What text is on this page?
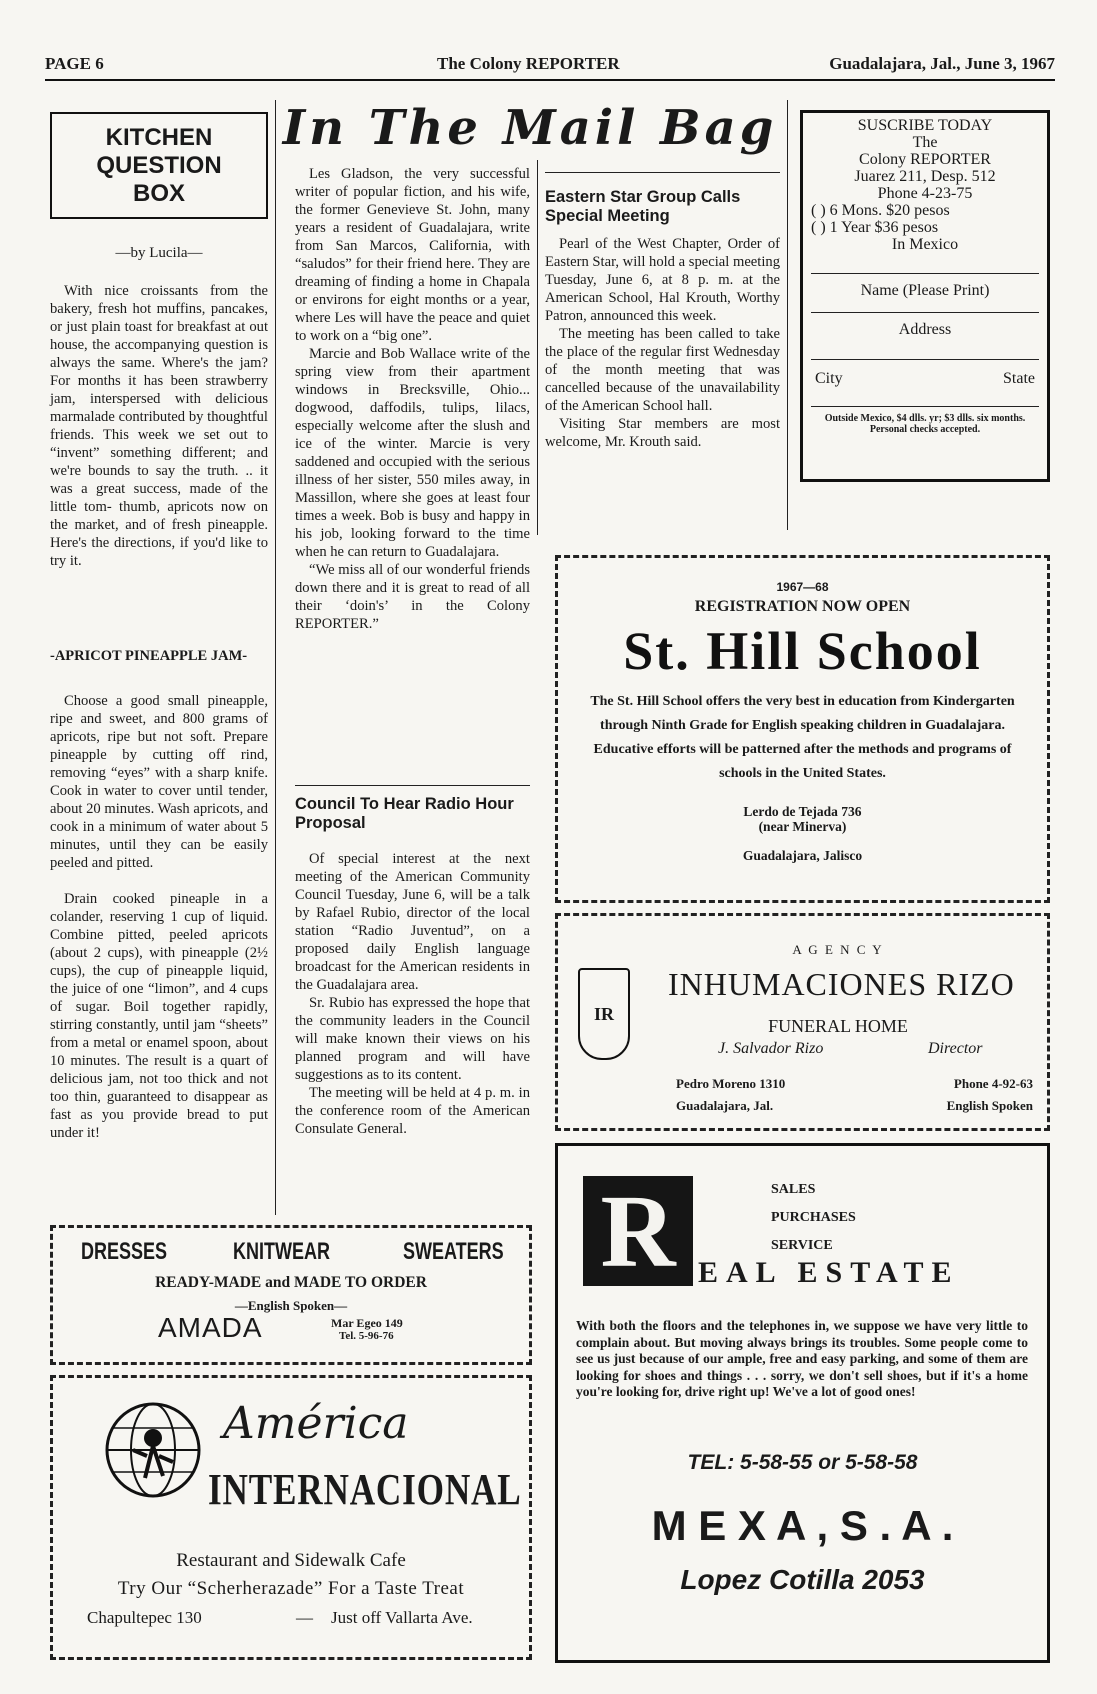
PAGE 6	The Colony REPORTER	Guadalajara, Jal., June 3, 1967
KITCHEN QUESTION BOX
—by Lucila—

With nice croissants from the bakery, fresh hot muffins, pancakes, or just plain toast for breakfast at out house, the accompanying question is always the same. Where's the jam? For months it has been strawberry jam, interspersed with delicious marmalade contributed by thoughtful friends. This week we set out to “invent” something different; and we're bounds to say the truth. .. it was a great success, made of the little tom- thumb, apricots now on the market, and of fresh pineapple. Here's the directions, if you'd like to try it.

-APRICOT PINEAPPLE JAM-

Choose a good small pineapple, ripe and sweet, and 800 grams of apricots, ripe but not soft. Prepare pineapple by cutting off rind, removing “eyes” with a sharp knife. Cook in water to cover until tender, about 20 minutes. Wash apricots, and cook in a minimum of water about 5 minutes, until they can be easily peeled and pitted.

Drain cooked pineaple in a colander, reserving 1 cup of liquid. Combine pitted, peeled apricots (about 2 cups), with pineapple (2½ cups), the cup of pineapple liquid, the juice of one “limon”, and 4 cups of sugar. Boil together rapidly, stirring constantly, until jam “sheets” from a metal or enamel spoon, about 10 minutes. The result is a quart of delicious jam, not too thick and not too thin, guaranteed to disappear as fast as you provide bread to put under it!

In The Mail Bag

Les Gladson, the very successful writer of popular fiction, and his wife, the former Genevieve St. John, many years a resident of Guadalajara, write from San Marcos, California, with “saludos” for their friend here. They are dreaming of finding a home in Chapala or environs for eight months or a year, where Les will have the peace and quiet to work on a “big one”.

Marcie and Bob Wallace write of the spring view from their apartment windows in Brecksville, Ohio... dogwood, daffodils, tulips, lilacs, especially welcome after the slush and ice of the winter. Marcie is very saddened and occupied with the serious illness of her sister, 550 miles away, in Massillon, where she goes at least four times a week. Bob is busy and happy in his job, looking forward to the time when he can return to Guadalajara.

“We miss all of our wonderful friends down there and it is great to read of all their ‘doin's’ in the Colony REPORTER.”

Council To Hear Radio Hour Proposal

Of special interest at the next meeting of the American Community Council Tuesday, June 6, will be a talk by Rafael Rubio, director of the local station “Radio Juventud”, on a proposed daily English language broadcast for the American residents in the Guadalajara area.

Sr. Rubio has expressed the hope that the community leaders in the Council will make known their views on his planned program and will have suggestions as to its content.

The meeting will be held at 4 p. m. in the conference room of the American Consulate General.

Eastern Star Group Calls Special Meeting

Pearl of the West Chapter, Order of Eastern Star, will hold a special meeting Tuesday, June 6, at 8 p. m. at the American School, Hal Krouth, Worthy Patron, announced this week.

The meeting has been called to take the place of the regular first Wednesday of the month meeting that was cancelled because of the unavailability of the American School hall.

Visiting Star members are most welcome, Mr. Krouth said.

SUSCRIBE TODAY
The
Colony REPORTER
Juarez 211, Desp. 512
Phone 4-23-75
( ) 6 Mons. $20 pesos
( ) 1 Year $36 pesos
In Mexico
Name (Please Print)
Address
City	State
Outside Mexico, $4 dlls. yr; $3 dlls. six months. Personal checks accepted.
1967—68
REGISTRATION NOW OPEN
St. Hill School
The St. Hill School offers the very best in education from Kindergarten through Ninth Grade for English speaking children in Guadalajara. Educative efforts will be patterned after the methods and programs of schools in the United States.
Lerdo de Tejada 736
(near Minerva)
Guadalajara, Jalisco
IR
A G E N C Y
INHUMACIONES RIZO
FUNERAL HOME
J. Salvador Rizo	Director
Pedro Moreno 1310	Phone 4-92-63
Guadalajara, Jal.	English Spoken
DRESSES	KNITWEAR	SWEATERS
READY-MADE and MADE TO ORDER
—English Spoken—
AMADA	Mar Egeo 149
Tel. 5-96-76
América
INTERNACIONAL
Restaurant and Sidewalk Cafe
Try Our “Scherherazade” For a Taste Treat
Chapultepec 130	— Just off Vallarta Ave.
R	SALES
PURCHASES
SERVICE
EAL ESTATE
With both the floors and the telephones in, we suppose we have very little to complain about. But moving always brings its troubles. Some people come to see us just because of our ample, free and easy parking, and some of them are looking for shoes and things . . . sorry, we don't sell shoes, but if it's a home you're looking for, drive right up! We've a lot of good ones!
TEL: 5-58-55 or 5-58-58
M E X A , S . A .
Lopez Cotilla 2053
